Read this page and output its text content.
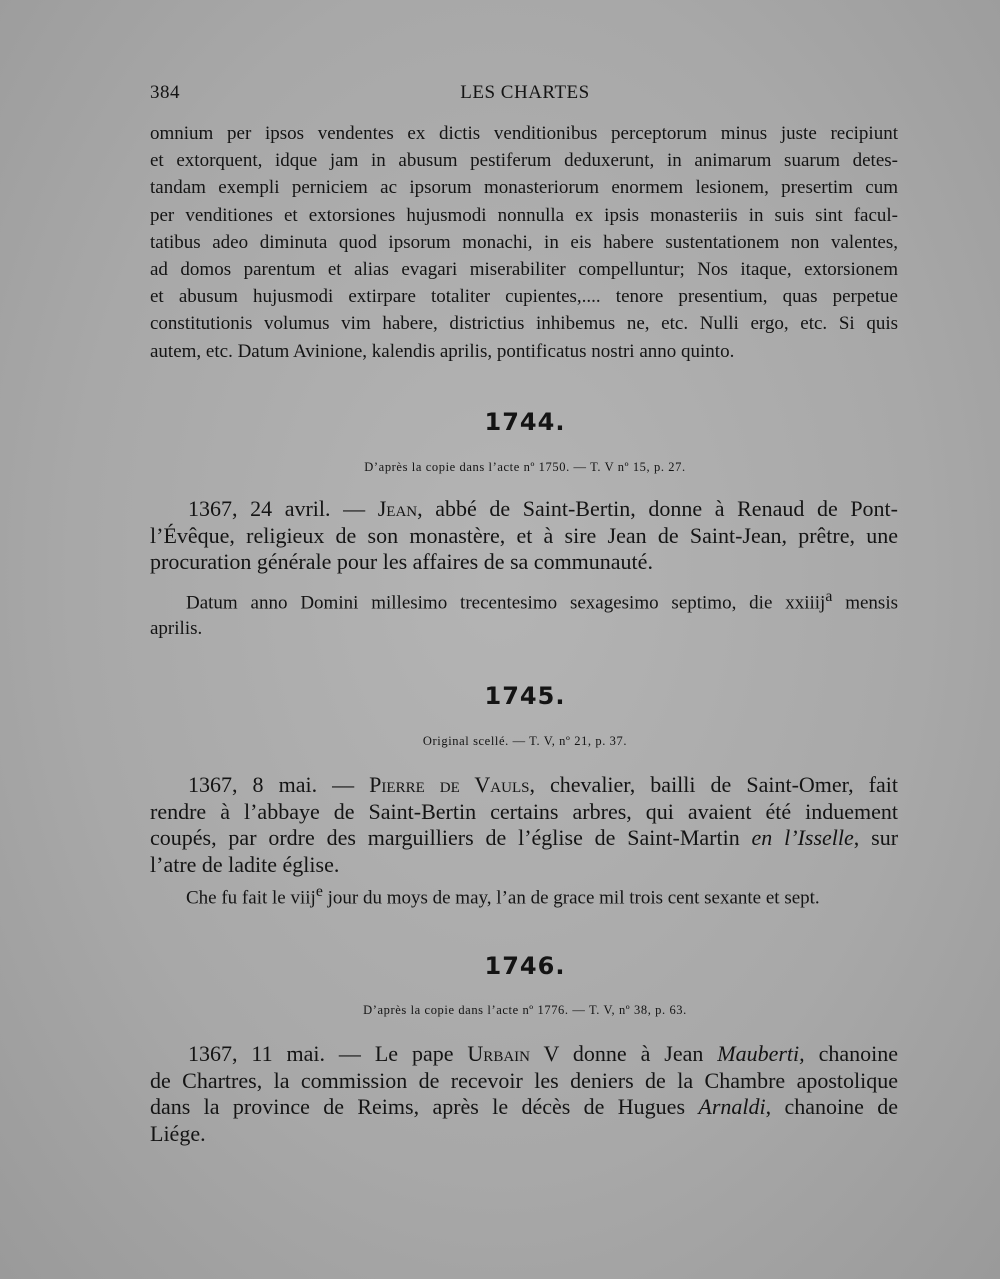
384	LES CHARTES
omnium per ipsos vendentes ex dictis venditionibus perceptorum minus juste recipiunt
et extorquent, idque jam in abusum pestiferum deduxerunt, in animarum suarum detes-
tandam exempli perniciem ac ipsorum monasteriorum enormem lesionem, presertim cum
per venditiones et extorsiones hujusmodi nonnulla ex ipsis monasteriis in suis sint facul-
tatibus adeo diminuta quod ipsorum monachi, in eis habere sustentationem non valentes,
ad domos parentum et alias evagari miserabiliter compelluntur; Nos itaque, extorsionem
et abusum hujusmodi extirpare totaliter cupientes,.... tenore presentium, quas perpetue
constitutionis volumus vim habere, districtius inhibemus ne, etc. Nulli ergo, etc. Si quis
autem, etc. Datum Avinione, kalendis aprilis, pontificatus nostri anno quinto.
1744.
D’après la copie dans l’acte nº 1750. — T. V nº 15, p. 27.
1367, 24 avril. — Jean, abbé de Saint-Bertin, donne à Renaud de Pont-
l’Évêque, religieux de son monastère, et à sire Jean de Saint-Jean, prêtre, une
procuration générale pour les affaires de sa communauté.
Datum anno Domini millesimo trecentesimo sexagesimo septimo, die xxiiij$^a$ mensis
aprilis.
1745.
Original scellé. — T. V, nº 21, p. 37.
1367, 8 mai. — Pierre de Vauls, chevalier, bailli de Saint-Omer, fait
rendre à l’abbaye de Saint-Bertin certains arbres, qui avaient été induement
coupés, par ordre des marguilliers de l’église de Saint-Martin en l’Isselle, sur
l’atre de ladite église.
Che fu fait le viij$^e$ jour du moys de may, l’an de grace mil trois cent sexante et sept.
1746.
D’après la copie dans l’acte nº 1776. — T. V, nº 38, p. 63.
1367, 11 mai. — Le pape Urbain V donne à Jean Mauberti, chanoine
de Chartres, la commission de recevoir les deniers de la Chambre apostolique
dans la province de Reims, après le décès de Hugues Arnaldi, chanoine de
Liége.
